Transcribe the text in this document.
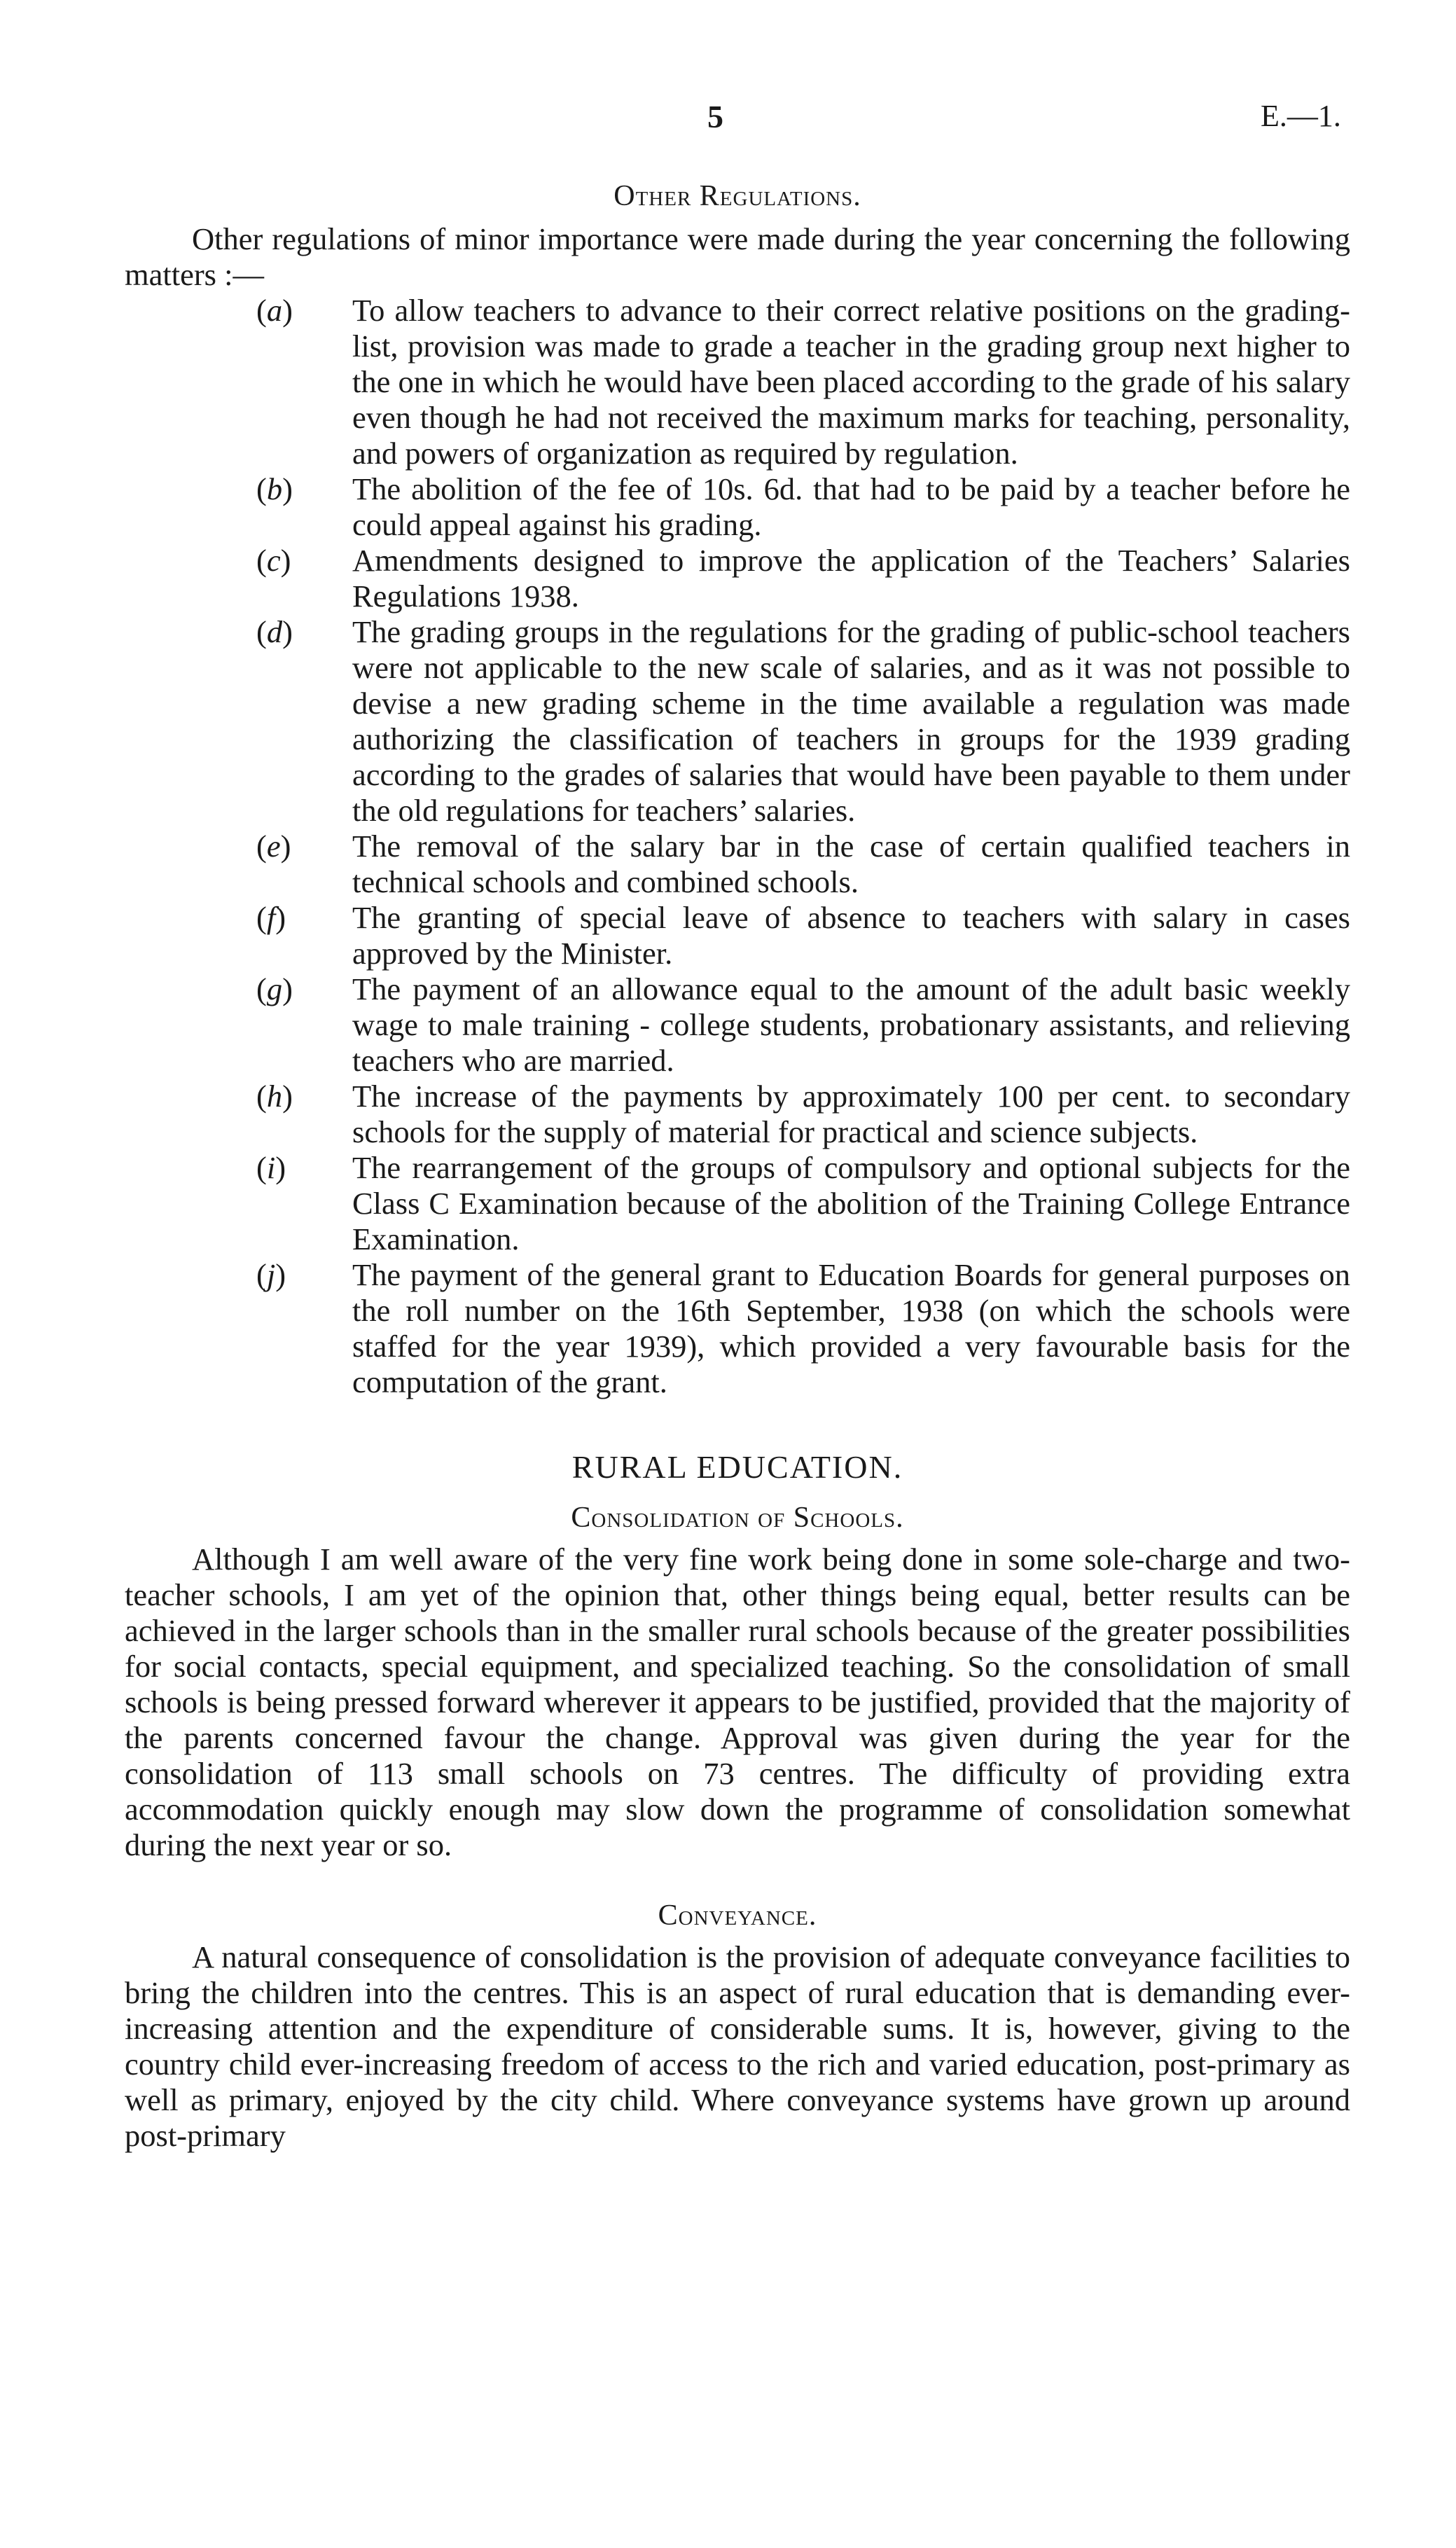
5	E.—1.
Other Regulations.

Other regulations of minor importance were made during the year concerning the following matters :—

(a) To allow teachers to advance to their correct relative positions on the grading-list, provision was made to grade a teacher in the grading group next higher to the one in which he would have been placed according to the grade of his salary even though he had not received the maximum marks for teaching, personality, and powers of organization as required by regulation.
(b) The abolition of the fee of 10s. 6d. that had to be paid by a teacher before he could appeal against his grading.
(c) Amendments designed to improve the application of the Teachers’ Salaries Regulations 1938.
(d) The grading groups in the regulations for the grading of public-school teachers were not applicable to the new scale of salaries, and as it was not possible to devise a new grading scheme in the time available a regulation was made authorizing the classification of teachers in groups for the 1939 grading according to the grades of salaries that would have been payable to them under the old regulations for teachers’ salaries.
(e) The removal of the salary bar in the case of certain qualified teachers in technical schools and combined schools.
(f) The granting of special leave of absence to teachers with salary in cases approved by the Minister.
(g) The payment of an allowance equal to the amount of the adult basic weekly wage to male training - college students, probationary assistants, and relieving teachers who are married.
(h) The increase of the payments by approximately 100 per cent. to secondary schools for the supply of material for practical and science subjects.
(i) The rearrangement of the groups of compulsory and optional subjects for the Class C Examination because of the abolition of the Training College Entrance Examination.
(j) The payment of the general grant to Education Boards for general purposes on the roll number on the 16th September, 1938 (on which the schools were staffed for the year 1939), which provided a very favourable basis for the computation of the grant.
RURAL EDUCATION.
Consolidation of Schools.

Although I am well aware of the very fine work being done in some sole-charge and two-teacher schools, I am yet of the opinion that, other things being equal, better results can be achieved in the larger schools than in the smaller rural schools because of the greater possibilities for social contacts, special equipment, and specialized teaching. So the consolidation of small schools is being pressed forward wherever it appears to be justified, provided that the majority of the parents concerned favour the change. Approval was given during the year for the consolidation of 113 small schools on 73 centres. The difficulty of providing extra accommodation quickly enough may slow down the programme of consolidation somewhat during the next year or so.

Conveyance.

A natural consequence of consolidation is the provision of adequate conveyance facilities to bring the children into the centres. This is an aspect of rural education that is demanding ever-increasing attention and the expenditure of considerable sums. It is, however, giving to the country child ever-increasing freedom of access to the rich and varied education, post-primary as well as primary, enjoyed by the city child. Where conveyance systems have grown up around post-primary
